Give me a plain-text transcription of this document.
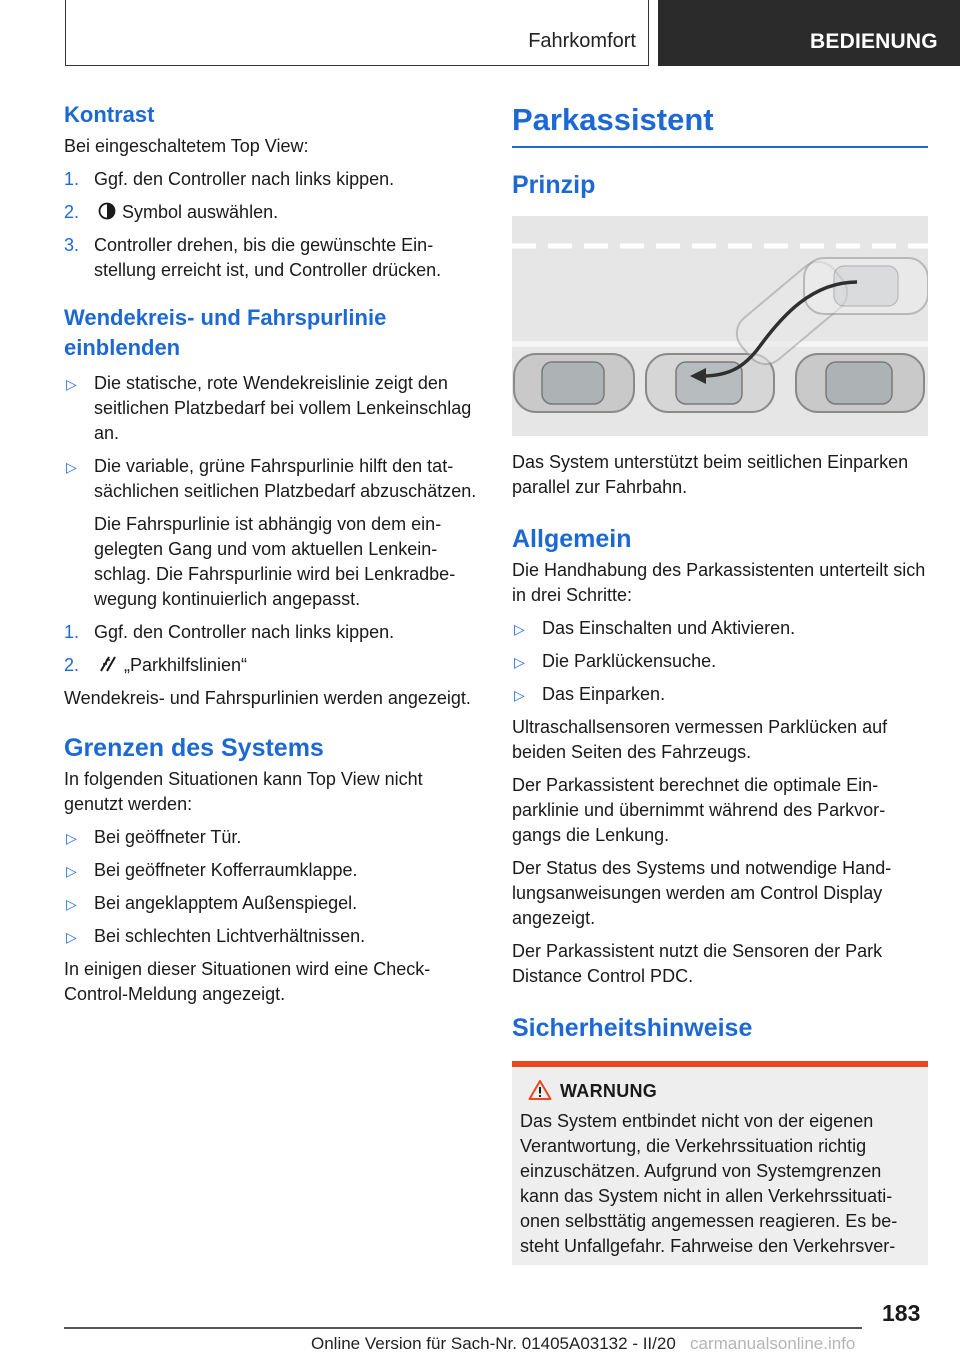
Fahrkomfort	BEDIENUNG
Kontrast

Bei eingeschaltetem Top View:

1. Ggf. den Controller nach links kippen.
2. Symbol auswählen.
3. Controller drehen, bis die gewünschte Einstellung erreicht ist, und Controller drücken.
Wendekreis- und Fahrspurlinie einblenden
▷ Die statische, rote Wendekreislinie zeigt den seitlichen Platzbedarf bei vollem Lenkeinschlag an.
▷ Die variable, grüne Fahrspurlinie hilft den tatsächlichen seitlichen Platzbedarf abzuschätzen.
Die Fahrspurlinie ist abhängig von dem eingelegten Gang und vom aktuellen Lenkeinschlag. Die Fahrspurlinie wird bei Lenkradbewegung kontinuierlich angepasst.
1. Ggf. den Controller nach links kippen.
2. „Parkhilfslinien“

Wendekreis- und Fahrspurlinien werden angezeigt.

Grenzen des Systems

In folgenden Situationen kann Top View nicht genutzt werden:

▷ Bei geöffneter Tür.
▷ Bei geöffneter Kofferraumklappe.
▷ Bei angeklapptem Außenspiegel.
▷ Bei schlechten Lichtverhältnissen.

In einigen dieser Situationen wird eine Check-Control-Meldung angezeigt.

Parkassistent
Prinzip

Das System unterstützt beim seitlichen Einparken parallel zur Fahrbahn.

Allgemein

Die Handhabung des Parkassistenten unterteilt sich in drei Schritte:

▷ Das Einschalten und Aktivieren.
▷ Die Parklückensuche.
▷ Das Einparken.

Ultraschallsensoren vermessen Parklücken auf beiden Seiten des Fahrzeugs.

Der Parkassistent berechnet die optimale Einparklinie und übernimmt während des Parkvorgangs die Lenkung.

Der Status des Systems und notwendige Handlungsanweisungen werden am Control Display angezeigt.

Der Parkassistent nutzt die Sensoren der Park Distance Control PDC.

Sicherheitshinweise
WARNUNG
Das System entbindet nicht von der eigenen Verantwortung, die Verkehrssituation richtig einzuschätzen. Aufgrund von Systemgrenzen kann das System nicht in allen Verkehrssituationen selbsttätig angemessen reagieren. Es besteht Unfallgefahr. Fahrweise den Verkehrsver-
183
Online Version für Sach-Nr. 01405A03132 - II/20 carmanualsonline.info
